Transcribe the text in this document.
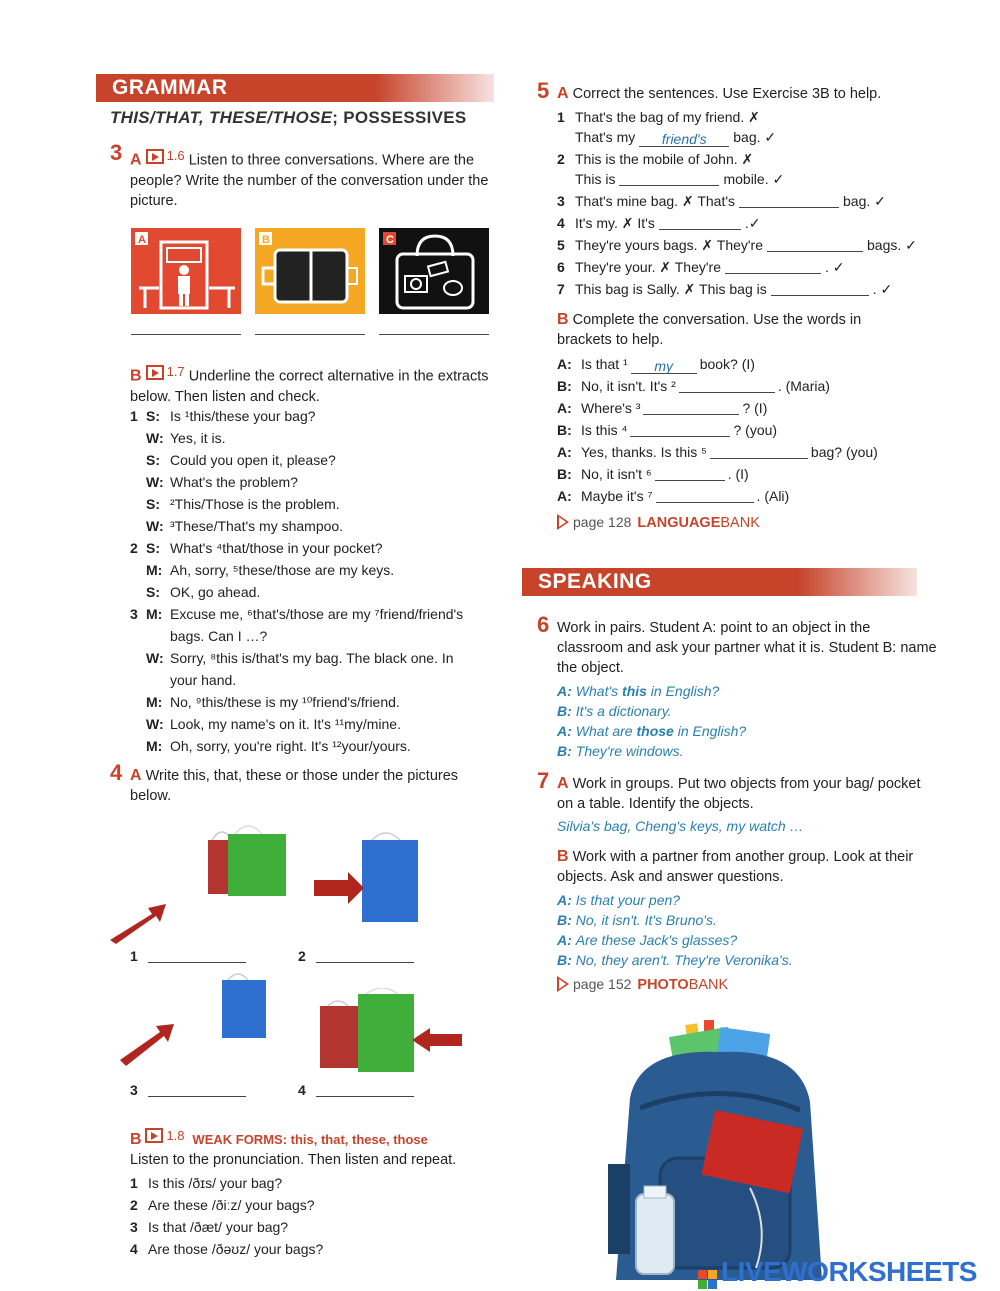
GRAMMAR
THIS/THAT, THESE/THOSE; POSSESSIVES
3 A 1.6 Listen to three conversations. Where are the people? Write the number of the conversation under the picture.
A	B	C
B 1.7 Underline the correct alternative in the extracts below. Then listen and check.
1 S: Is ¹this/these your bag?
W: Yes, it is.
S: Could you open it, please?
W: What's the problem?
S: ²This/Those is the problem.
W: ³These/That's my shampoo.
2 S: What's ⁴that/those in your pocket?
M: Ah, sorry, ⁵these/those are my keys.
S: OK, go ahead.
3 M: Excuse me, ⁶that's/those are my ⁷friend/friend's
bags. Can I …?
W: Sorry, ⁸this is/that's my bag. The black one. In
your hand.
M: No, ⁹this/these is my ¹⁰friend's/friend.
W: Look, my name's on it. It's ¹¹my/mine.
M: Oh, sorry, you're right. It's ¹²your/yours.
4 A Write this, that, these or those under the pictures below.
1	2
3	4
B 1.8 WEAK FORMS: this, that, these, those
Listen to the pronunciation. Then listen and repeat.
1 Is this /ðɪs/ your bag?
2 Are these /ðiːz/ your bags?
3 Is that /ðæt/ your bag?
4 Are those /ðəʊz/ your bags?
5 A Correct the sentences. Use Exercise 3B to help.
1 That's the bag of my friend. ✗
That's my friend's bag. ✓
2 This is the mobile of John. ✗
This is	mobile. ✓
3 That's mine bag. ✗ That's	bag. ✓
4 It's my. ✗ It's	.✓
5 They're yours bags. ✗ They're	bags. ✓
6 They're your. ✗ They're	. ✓
7 This bag is Sally. ✗ This bag is	. ✓
B Complete the conversation. Use the words in brackets to help.
A: Is that ¹ my book? (I)
B: No, it isn't. It's ²	. (Maria)
A: Where's ³	? (I)
B: Is this ⁴	? (you)
A: Yes, thanks. Is this ⁵	bag? (you)
B: No, it isn't ⁶	. (I)
A: Maybe it's ⁷	. (Ali)
page 128 LANGUAGEBANK
SPEAKING
6 Work in pairs. Student A: point to an object in the classroom and ask your partner what it is. Student B: name the object.
A: What's this in English?
B: It's a dictionary.
A: What are those in English?
B: They're windows.
7 A Work in groups. Put two objects from your bag/ pocket on a table. Identify the objects.
Silvia's bag, Cheng's keys, my watch …
B Work with a partner from another group. Look at their objects. Ask and answer questions.
A: Is that your pen?
B: No, it isn't. It's Bruno's.
A: Are these Jack's glasses?
B: No, they aren't. They're Veronika's.
page 152 PHOTOBANK
LIVEWORKSHEETS
